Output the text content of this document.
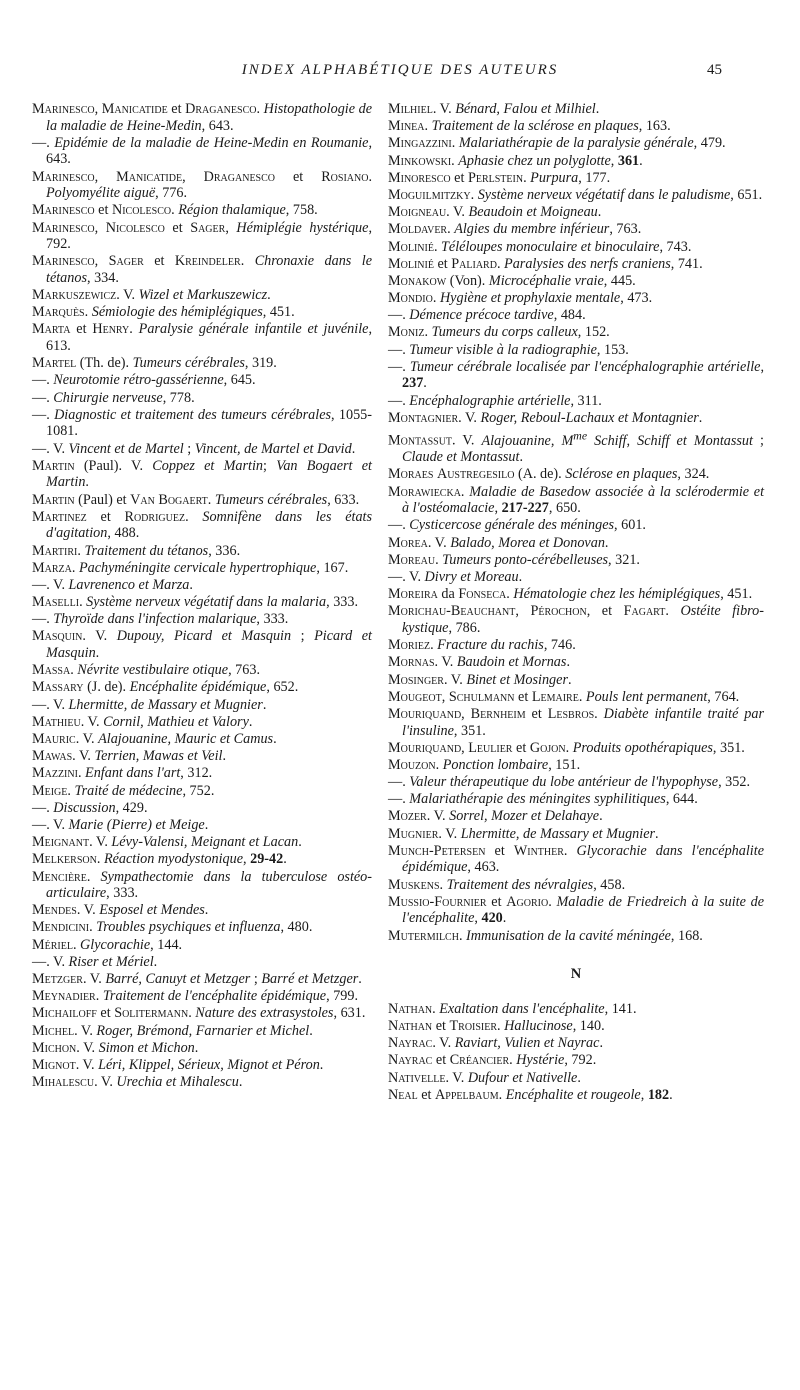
INDEX ALPHABÉTIQUE DES AUTEURS	45

Marinesco, Manicatide et Draganesco. Histopathologie de la maladie de Heine-Medin, 643.

—. Epidémie de la maladie de Heine-Medin en Roumanie, 643.

Marinesco, Manicatide, Draganesco et Rosiano. Polyomyélite aiguë, 776.

Marinesco et Nicolesco. Région thalamique, 758.

Marinesco, Nicolesco et Sager, Hémiplégie hystérique, 792.

Marinesco, Sager et Kreindeler. Chronaxie dans le tétanos, 334.

Markuszewicz. V. Wizel et Markuszewicz.

Marquès. Sémiologie des hémiplégiques, 451.

Marta et Henry. Paralysie générale infantile et juvénile, 613.

Martel (Th. de). Tumeurs cérébrales, 319.

—. Neurotomie rétro-gassérienne, 645.

—. Chirurgie nerveuse, 778.

—. Diagnostic et traitement des tumeurs cérébrales, 1055-1081.

—. V. Vincent et de Martel ; Vincent, de Martel et David.

Martin (Paul). V. Coppez et Martin; Van Bogaert et Martin.

Martin (Paul) et Van Bogaert. Tumeurs cérébrales, 633.

Martinez et Rodriguez. Somnifène dans les états d'agitation, 488.

Martiri. Traitement du tétanos, 336.

Marza. Pachyméningite cervicale hypertrophique, 167.

—. V. Lavrenenco et Marza.

Maselli. Système nerveux végétatif dans la malaria, 333.

—. Thyroïde dans l'infection malarique, 333.

Masquin. V. Dupouy, Picard et Masquin ; Picard et Masquin.

Massa. Névrite vestibulaire otique, 763.

Massary (J. de). Encéphalite épidémique, 652.

—. V. Lhermitte, de Massary et Mugnier.

Mathieu. V. Cornil, Mathieu et Valory.

Mauric. V. Alajouanine, Mauric et Camus.

Mawas. V. Terrien, Mawas et Veil.

Mazzini. Enfant dans l'art, 312.

Meige. Traité de médecine, 752.

—. Discussion, 429.

—. V. Marie (Pierre) et Meige.

Meignant. V. Lévy-Valensi, Meignant et Lacan.

Melkerson. Réaction myodystonique, 29-42.

Mencière. Sympathectomie dans la tuberculose ostéo-articulaire, 333.

Mendes. V. Esposel et Mendes.

Mendicini. Troubles psychiques et influenza, 480.

Mériel. Glycorachie, 144.

—. V. Riser et Mériel.

Metzger. V. Barré, Canuyt et Metzger ; Barré et Metzger.

Meynadier. Traitement de l'encéphalite épidémique, 799.

Michailoff et Solitermann. Nature des extrasystoles, 631.

Michel. V. Roger, Brémond, Farnarier et Michel.

Michon. V. Simon et Michon.

Mignot. V. Léri, Klippel, Sérieux, Mignot et Péron.

Mihalescu. V. Urechia et Mihalescu.

Milhiel. V. Bénard, Falou et Milhiel.

Minea. Traitement de la sclérose en plaques, 163.

Mingazzini. Malariathérapie de la paralysie générale, 479.

Minkowski. Aphasie chez un polyglotte, 361.

Minoresco et Perlstein. Purpura, 177.

Moguilmitzky. Système nerveux végétatif dans le paludisme, 651.

Moigneau. V. Beaudoin et Moigneau.

Moldaver. Algies du membre inférieur, 763.

Molinié. Téléloupes monoculaire et binoculaire, 743.

Molinié et Paliard. Paralysies des nerfs craniens, 741.

Monakow (Von). Microcéphalie vraie, 445.

Mondio. Hygiène et prophylaxie mentale, 473.

—. Démence précoce tardive, 484.

Moniz. Tumeurs du corps calleux, 152.

—. Tumeur visible à la radiographie, 153.

—. Tumeur cérébrale localisée par l'encéphalographie artérielle, 237.

—. Encéphalographie artérielle, 311.

Montagnier. V. Roger, Reboul-Lachaux et Montagnier.

Montassut. V. Alajouanine, $M^{me}$ Schiff, Schiff et Montassut ; Claude et Montassut.

Moraes Austregesilo (A. de). Sclérose en plaques, 324.

Morawiecka. Maladie de Basedow associée à la sclérodermie et à l'ostéomalacie, 217-227, 650.

—. Cysticercose générale des méninges, 601.

Morea. V. Balado, Morea et Donovan.

Moreau. Tumeurs ponto-cérébelleuses, 321.

—. V. Divry et Moreau.

Moreira da Fonseca. Hématologie chez les hémiplégiques, 451.

Morichau-Beauchant, Pérochon, et Fagart. Ostéite fibro-kystique, 786.

Moriez. Fracture du rachis, 746.

Mornas. V. Baudoin et Mornas.

Mosinger. V. Binet et Mosinger.

Mougeot, Schulmann et Lemaire. Pouls lent permanent, 764.

Mouriquand, Bernheim et Lesbros. Diabète infantile traité par l'insuline, 351.

Mouriquand, Leulier et Gojon. Produits opothérapiques, 351.

Mouzon. Ponction lombaire, 151.

—. Valeur thérapeutique du lobe antérieur de l'hypophyse, 352.

—. Malariathérapie des méningites syphilitiques, 644.

Mozer. V. Sorrel, Mozer et Delahaye.

Mugnier. V. Lhermitte, de Massary et Mugnier.

Munch-Petersen et Winther. Glycorachie dans l'encéphalite épidémique, 463.

Muskens. Traitement des névralgies, 458.

Mussio-Fournier et Agorio. Maladie de Friedreich à la suite de l'encéphalite, 420.

Mutermilch. Immunisation de la cavité méningée, 168.

N

Nathan. Exaltation dans l'encéphalite, 141.

Nathan et Troisier. Hallucinose, 140.

Nayrac. V. Raviart, Vulien et Nayrac.

Nayrac et Créancier. Hystérie, 792.

Nativelle. V. Dufour et Nativelle.

Neal et Appelbaum. Encéphalite et rougeole, 182.
